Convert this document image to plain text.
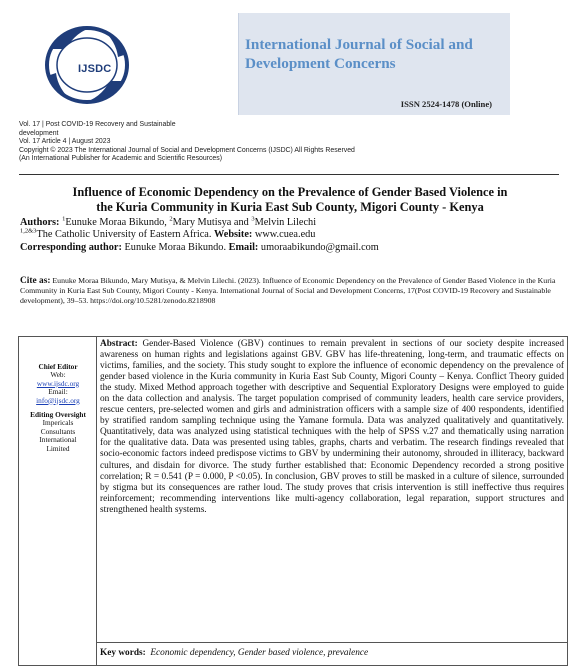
IJSDC
International Journal of Social and Development Concerns
ISSN 2524-1478 (Online)
Vol. 17 | Post COVID-19 Recovery and Sustainable
development
Vol. 17 Article 4 | August 2023
Copyright © 2023 The International Journal of Social and Development Concerns (IJSDC) All Rights Reserved
(An International Publisher for Academic and Scientific Resources)
Influence of Economic Dependency on the Prevalence of Gender Based Violence in
the Kuria Community in Kuria East Sub County, Migori County - Kenya
Authors: $^1$Eunuke Moraa Bikundo, $^2$Mary Mutisya and $^3$Melvin Lilechi
$^{1,2\&3}$The Catholic University of Eastern Africa. Website: www.cuea.edu
Corresponding author: Eunuke Moraa Bikundo. Email: umoraabikundo@gmail.com
Cite as: Eunuke Moraa Bikundo, Mary Mutisya, & Melvin Lilechi. (2023). Influence of Economic Dependency on the Prevalence of Gender Based Violence in the Kuria Community in Kuria East Sub County, Migori County - Kenya. International Journal of Social and Development Concerns, 17(Post COVID-19 Recovery and Sustainable development), 39–53. https://doi.org/10.5281/zenodo.8218908
Chief Editor
Web:
www.ijsdc.org
Email:
info@ijsdc.org
Editing Oversight
Impericals
Consultants
International
Limited
Abstract: Gender-Based Violence (GBV) continues to remain prevalent in sections of our society despite increased awareness on human rights and legislations against GBV. GBV has life-threatening, long-term, and traumatic effects on victims, families, and the society. This study sought to explore the influence of economic dependency on the prevalence of gender based violence in the Kuria community in Kuria East Sub County, Migori County – Kenya. Conflict Theory guided the study. Mixed Method approach together with descriptive and Sequential Exploratory Designs were employed to guide on the data collection and analysis. The target population comprised of community leaders, health care service providers, rescue centers, pre-selected women and girls and administration officers with a sample size of 400 respondents, identified by stratified random sampling technique using the Yamane formula. Data was analyzed qualitatively and quantitatively. Quantitatively, data was analyzed using statistical techniques with the help of SPSS v.27 and thematically using narration for the qualitative data. Data was presented using tables, graphs, charts and verbatim. The research findings revealed that socio-economic factors indeed predispose victims to GBV by undermining their autonomy, shrouded in illiteracy, backward cultures, and disdain for divorce. The study further established that: Economic Dependency recorded a strong positive correlation; R = 0.541 (P = 0.000, P <0.05). In conclusion, GBV proves to still be masked in a culture of silence, surrounded by stigma but its consequences are rather loud. The study proves that crisis intervention is still ineffective thus requires reinforcement; recommending interventions like multi-agency collaboration, legal reparation, support structures and strengthened health systems.
Key words: Economic dependency, Gender based violence, prevalence
